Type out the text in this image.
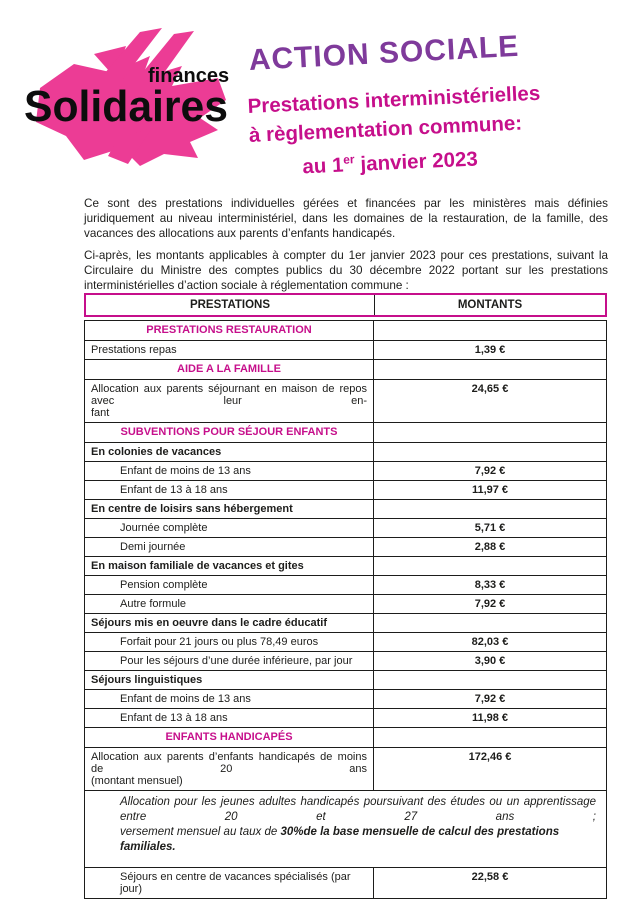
finances
Solidaires
ACTION SOCIALE
Prestations interministérielles
à règlementation commune:
au 1er janvier 2023

Ce sont des prestations individuelles gérées et financées par les ministères mais définies juridiquement au niveau interministériel, dans les domaines de la restauration, de la famille, des vacances des allocations aux parents d’enfants handicapés.

Ci-après, les montants applicables à compter du 1er janvier 2023 pour ces prestations, suivant la Circulaire du Ministre des comptes publics du 30 décembre 2022 portant sur les prestations interministérielles d’action sociale à réglementation commune :

PRESTATIONS	MONTANTS
PRESTATIONS RESTAURATION	
Prestations repas	1,39 €
AIDE A LA FAMILLE	

Allocation aux parents séjournant en maison de repos avec leur en-
fant	24,65 €
SUBVENTIONS POUR SÉJOUR ENFANTS	
En colonies de vacances	
Enfant de moins de 13 ans	7,92 €
Enfant de 13 à 18 ans	11,97 €
En centre de loisirs sans hébergement	
Journée complète	5,71 €
Demi journée	2,88 €
En maison familiale de vacances et gites	
Pension complète	8,33 €
Autre formule	7,92 €
Séjours mis en oeuvre dans le cadre éducatif	
Forfait pour 21 jours ou plus 78,49 euros	82,03 €
Pour les séjours d’une durée inférieure, par jour	3,90 €
Séjours linguistiques	
Enfant de moins de 13 ans	7,92 €
Enfant de 13 à 18 ans	11,98 €
ENFANTS HANDICAPÉS	

Allocation aux parents d’enfants handicapés de moins de 20 ans
(montant mensuel)	172,46 €

Allocation pour les jeunes adultes handicapés poursuivant des études ou un apprentissage entre 20 et 27 ans ;
versement mensuel au taux de 30%de la base mensuelle de calcul des prestations familiales.	

Séjours en centre de vacances spécialisés (par jour)	22,58 €
